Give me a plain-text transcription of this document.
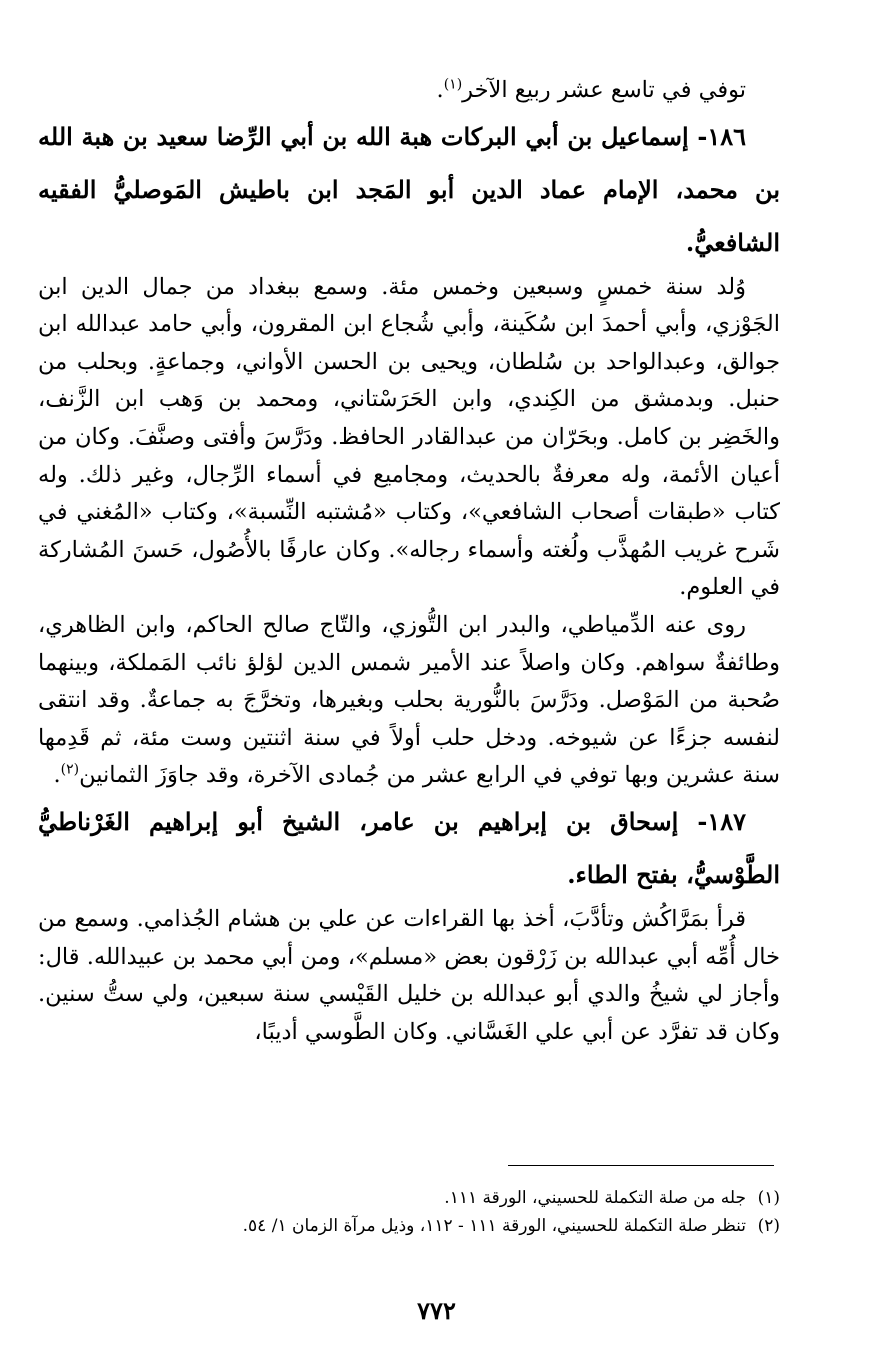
توفي في تاسع عشر ربيع الآخر$^{(١)}$.

١٨٦- إسماعيل بن أبي البركات هبة الله بن أبي الرِّضا سعيد بن هبة الله بن محمد، الإمام عماد الدين أبو المَجد ابن باطيش المَوصليُّ الفقيه الشافعيُّ.

وُلد سنة خمسٍ وسبعين وخمس مئة. وسمع ببغداد من جمال الدين ابن الجَوْزي، وأبي أحمدَ ابن سُكَينة، وأبي شُجاع ابن المقرون، وأبي حامد عبدالله ابن جوالق، وعبدالواحد بن سُلطان، ويحيى بن الحسن الأواني، وجماعةٍ. وبحلب من حنبل. وبدمشق من الكِندي، وابن الحَرَسْتاني، ومحمد بن وَهب ابن الزَّنف، والخَضِر بن كامل. وبحَرّان من عبدالقادر الحافظ. ودَرَّسَ وأفتى وصنَّفَ. وكان من أعيان الأئمة، وله معرفةٌ بالحديث، ومجاميع في أسماء الرِّجال، وغير ذلك. وله كتاب «طبقات أصحاب الشافعي»، وكتاب «مُشتبه النِّسبة»، وكتاب «المُغني في شَرح غريب المُهذَّب ولُغته وأسماء رجاله». وكان عارفًا بالأُصُول، حَسنَ المُشاركة في العلوم.

روى عنه الدِّمياطي، والبدر ابن التُّوزي، والتّاج صالح الحاكم، وابن الظاهري، وطائفةٌ سواهم. وكان واصلاً عند الأمير شمس الدين لؤلؤ نائب المَملكة، وبينهما صُحبة من المَوْصل. ودَرَّسَ بالنُّورية بحلب وبغيرها، وتخرَّجَ به جماعةٌ. وقد انتقى لنفسه جزءًا عن شيوخه. ودخل حلب أولاً في سنة اثنتين وست مئة، ثم قَدِمها سنة عشرين وبها توفي في الرابع عشر من جُمادى الآخرة، وقد جاوَزَ الثمانين$^{(٢)}$.

١٨٧- إسحاق بن إبراهيم بن عامر، الشيخ أبو إبراهيم الغَرْناطيُّ الطَّوْسيُّ، بفتح الطاء.

قرأ بمَرَّاكُش وتأدَّبَ، أخذ بها القراءات عن علي بن هشام الجُذامي. وسمع من خال أُمِّه أبي عبدالله بن زَرْقون بعض «مسلم»، ومن أبي محمد بن عبيدالله. قال: وأجاز لي شيخُ والدي أبو عبدالله بن خليل القَيْسي سنة سبعين، ولي ستُّ سنين. وكان قد تفرَّد عن أبي علي الغَسَّاني. وكان الطَّوسي أديبًا،

(١)جله من صلة التكملة للحسيني، الورقة ١١١.

(٢)تنظر صلة التكملة للحسيني، الورقة ١١١ - ١١٢، وذيل مرآة الزمان ١/ ٥٤.

٧٧٢
